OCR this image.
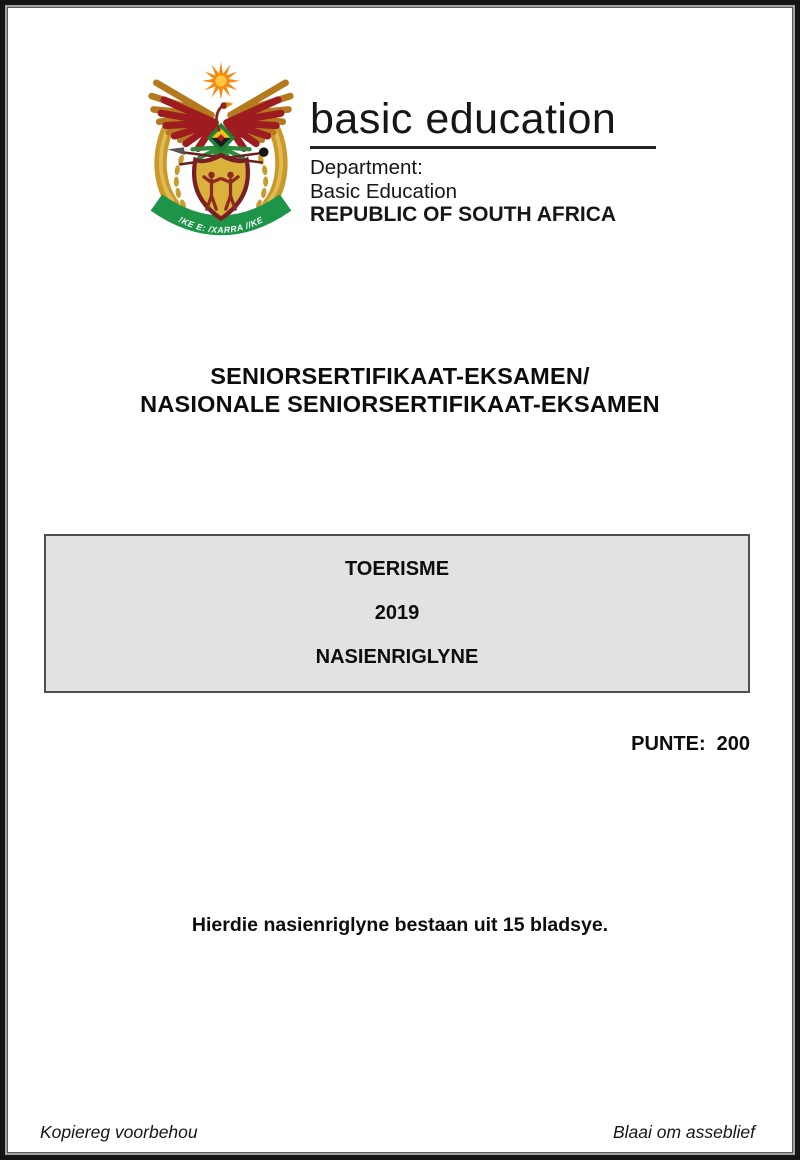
!KE E: /XARRA //KE
basic education
Department:
Basic Education
REPUBLIC OF SOUTH AFRICA
SENIORSERTIFIKAAT-EKSAMEN/
NASIONALE SENIORSERTIFIKAAT-EKSAMEN
TOERISME
2019
NASIENRIGLYNE
PUNTE: 200
Hierdie nasienriglyne bestaan uit 15 bladsye.
Kopiereg voorbehou	Blaai om asseblief
